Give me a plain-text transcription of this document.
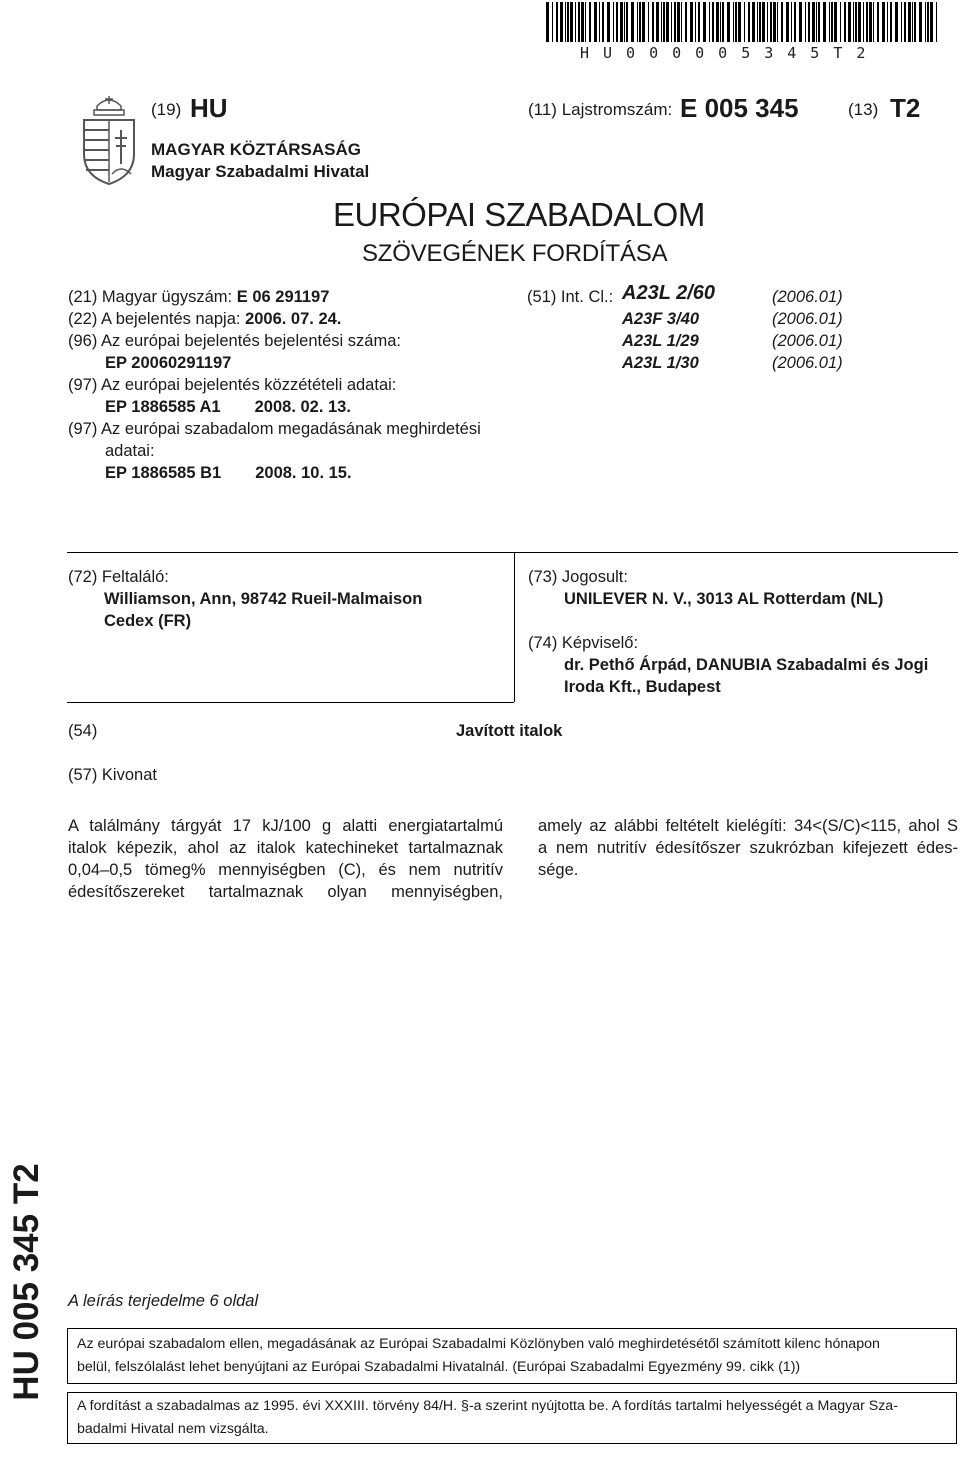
HU000005345T2
(19) HU	(11) Lajstromszám: E 005 345	(13) T2
MAGYAR KÖZTÁRSASÁG
Magyar Szabadalmi Hivatal
EURÓPAI SZABADALOM
SZÖVEGÉNEK FORDÍTÁSA
(21) Magyar ügyszám: E 06 291197
(22) A bejelentés napja: 2006. 07. 24.
(96) Az európai bejelentés bejelentési száma:
EP 20060291197
(97) Az európai bejelentés közzétételi adatai:
EP 1886585 A1 2008. 02. 13.
(97) Az európai szabadalom megadásának meghirdetési
adatai:
EP 1886585 B1 2008. 10. 15.
(51) Int. Cl.: A23L 2/60	(2006.01)
A23F 3/40	(2006.01)
A23L 1/29	(2006.01)
A23L 1/30	(2006.01)
(72) Feltaláló:
Williamson, Ann, 98742 Rueil-Malmaison
Cedex (FR)
(73) Jogosult:
UNILEVER N. V., 3013 AL Rotterdam (NL)
(74) Képviselő:
dr. Pethő Árpád, DANUBIA Szabadalmi és Jogi
Iroda Kft., Budapest
(54)	Javított italok
(57) Kivonat
A találmány tárgyát 17 kJ/100 g alatti energiatartalmú
italok képezik, ahol az italok katechineket tartalmaznak
0,04–0,5 tömeg% mennyiségben (C), és nem nutritív
édesítőszereket tartalmaznak olyan mennyiségben,
amely az alábbi feltételt kielégíti: 34<(S/C)<115, ahol S
a nem nutritív édesítőszer szukrózban kifejezett édes-
sége.
HU 005 345 T2 A leírás terjedelme 6 oldal
Az európai szabadalom ellen, megadásának az Európai Szabadalmi Közlönyben való meghirdetésétől számított kilenc hónapon
belül, felszólalást lehet benyújtani az Európai Szabadalmi Hivatalnál. (Európai Szabadalmi Egyezmény 99. cikk (1))
A fordítást a szabadalmas az 1995. évi XXXIII. törvény 84/H. §-a szerint nyújtotta be. A fordítás tartalmi helyességét a Magyar Sza-
badalmi Hivatal nem vizsgálta.
